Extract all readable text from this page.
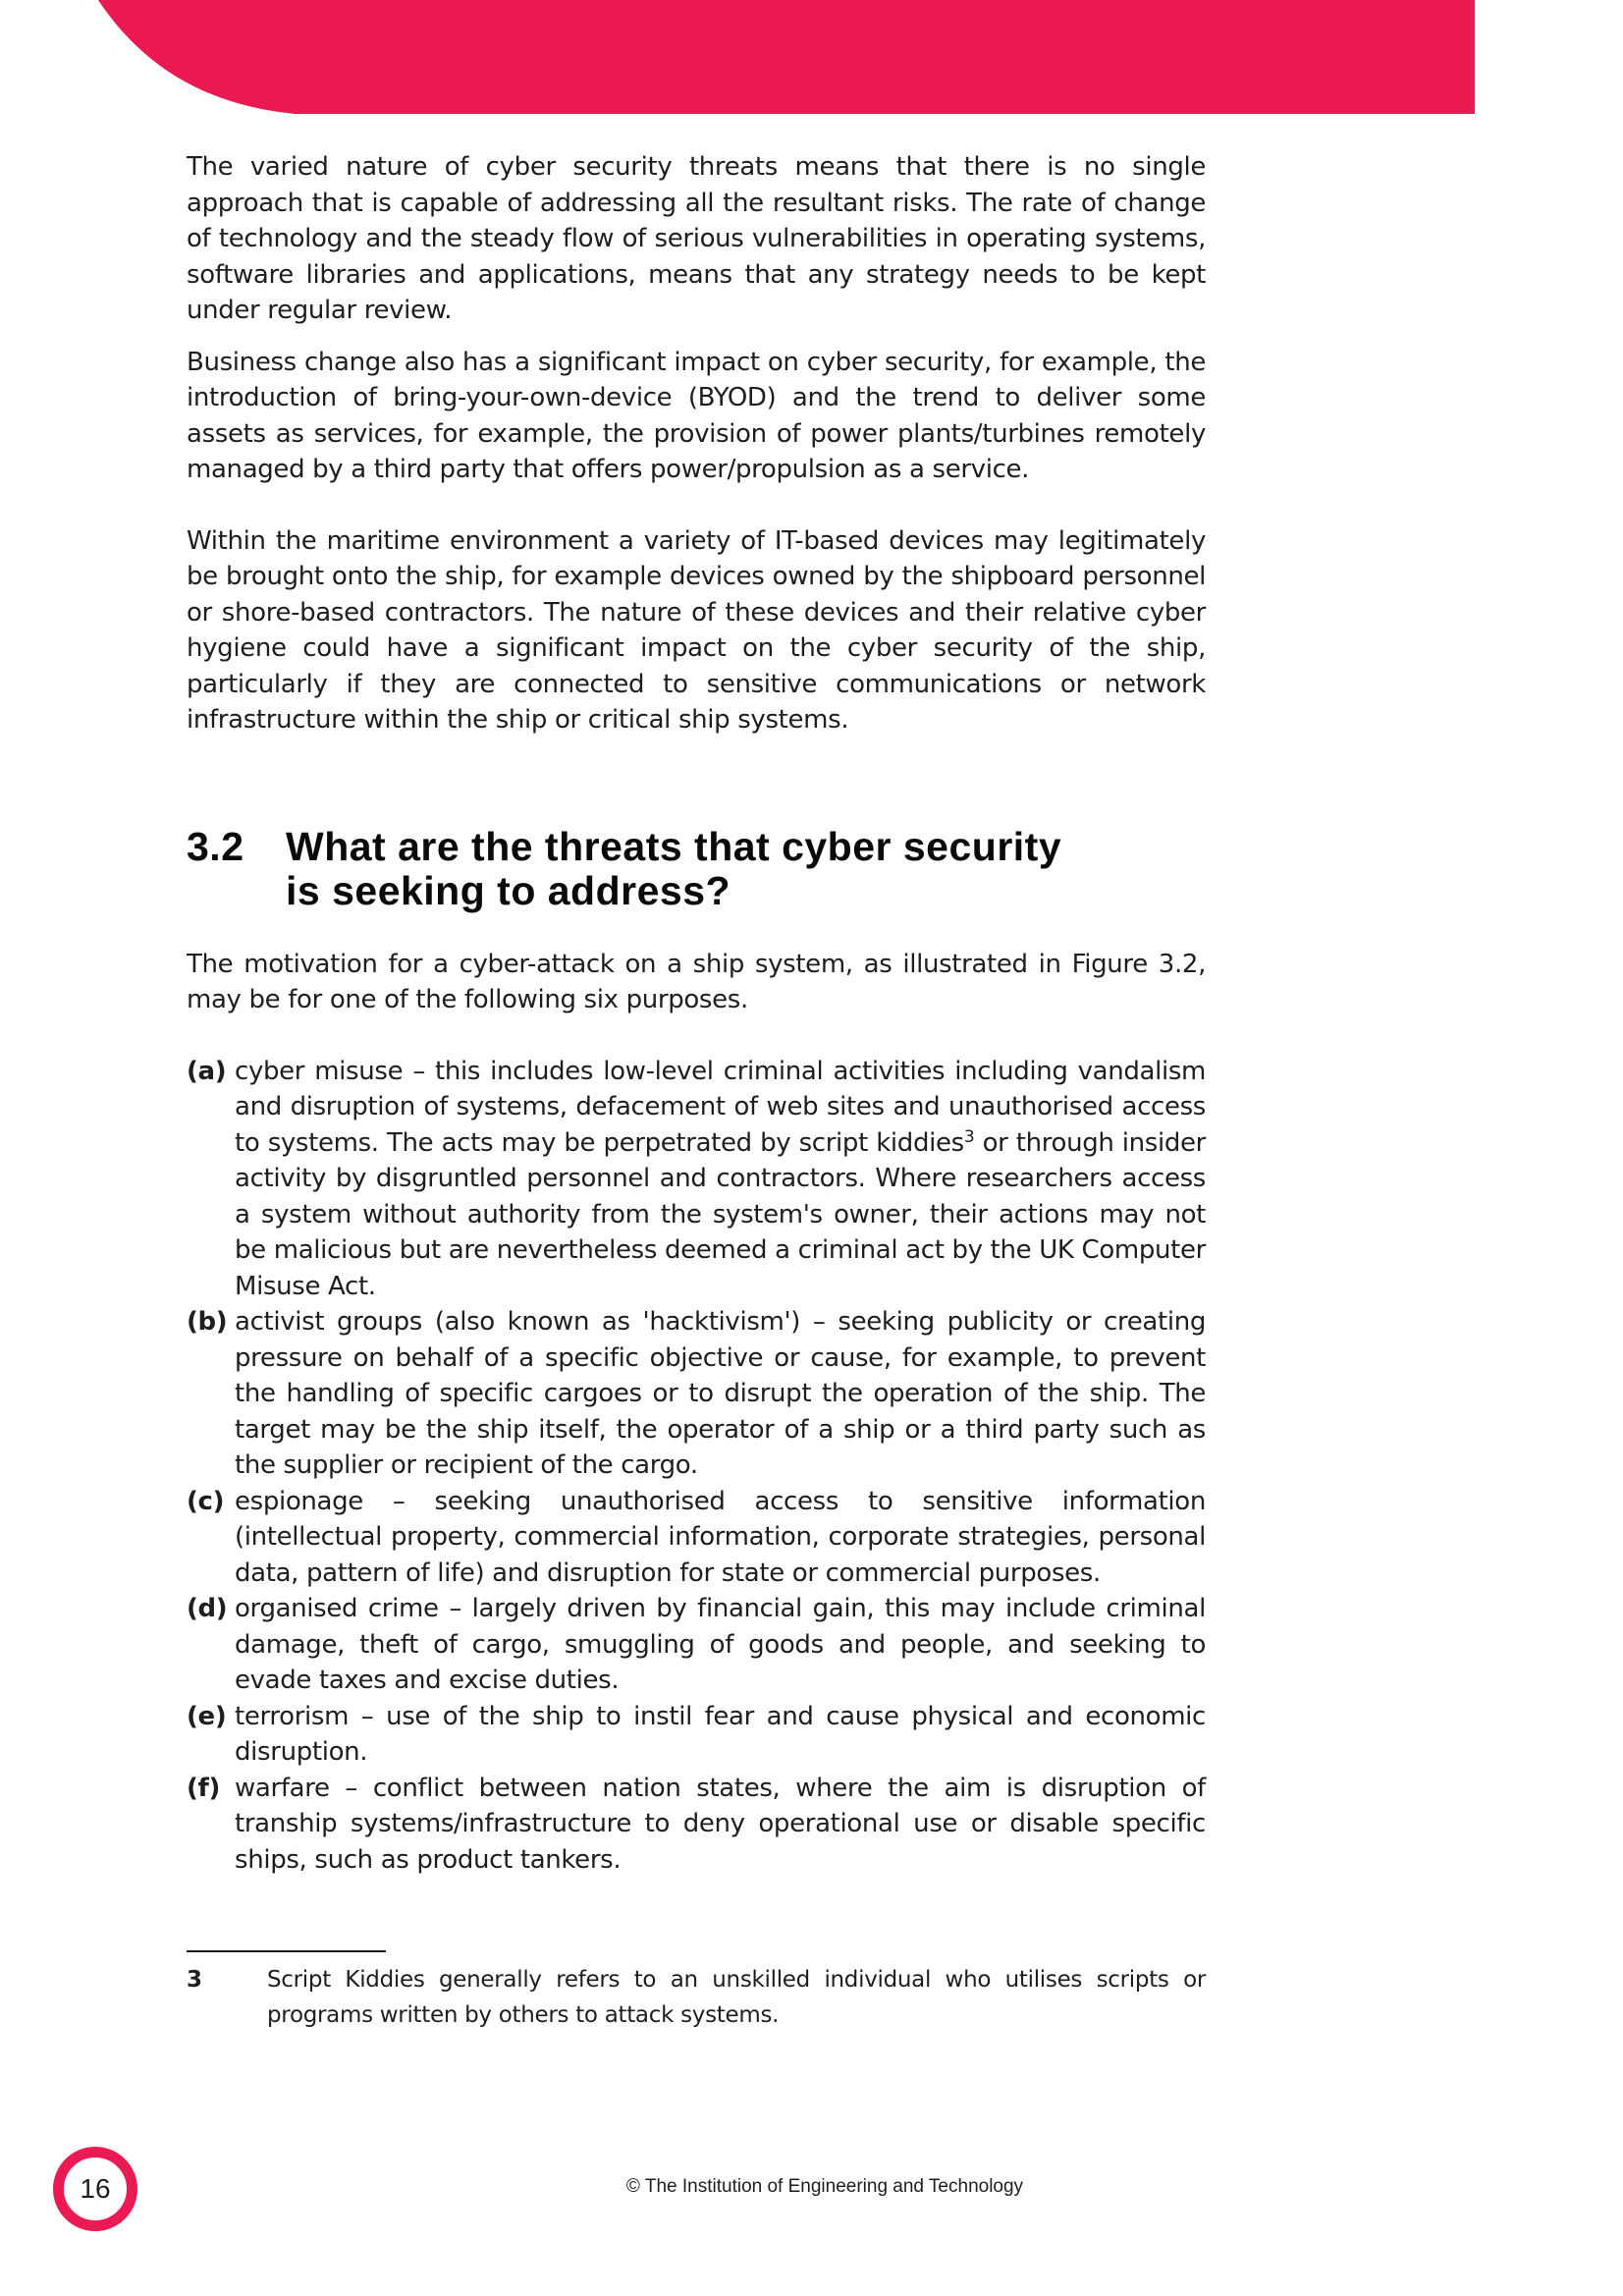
The varied nature of cyber security threats means that there is no single approach that is capable of addressing all the resultant risks. The rate of change of technology and the steady flow of serious vulnerabilities in operating systems, software libraries and applications, means that any strategy needs to be kept under regular review.

Business change also has a significant impact on cyber security, for example, the introduction of bring-your-own-device (BYOD) and the trend to deliver some assets as services, for example, the provision of power plants/turbines remotely managed by a third party that offers power/propulsion as a service.

Within the maritime environment a variety of IT-based devices may legitimately be brought onto the ship, for example devices owned by the shipboard personnel or shore-based contractors. The nature of these devices and their relative cyber hygiene could have a significant impact on the cyber security of the ship, particularly if they are connected to sensitive communications or network infrastructure within the ship or critical ship systems.

3.2 What are the threats that cyber security is seeking to address?

The motivation for a cyber-attack on a ship system, as illustrated in Figure 3.2, may be for one of the following six purposes.

(a) cyber misuse – this includes low-level criminal activities including vandalism and disruption of systems, defacement of web sites and unauthorised access to systems. The acts may be perpetrated by script kiddies$^3$ or through insider activity by disgruntled personnel and contractors. Where researchers access a system without authority from the system's owner, their actions may not be malicious but are nevertheless deemed a criminal act by the UK Computer Misuse Act.
(b) activist groups (also known as 'hacktivism') – seeking publicity or creating pressure on behalf of a specific objective or cause, for example, to prevent the handling of specific cargoes or to disrupt the operation of the ship. The target may be the ship itself, the operator of a ship or a third party such as the supplier or recipient of the cargo.
(c) espionage – seeking unauthorised access to sensitive information (intellectual property, commercial information, corporate strategies, personal data, pattern of life) and disruption for state or commercial purposes.
(d) organised crime – largely driven by financial gain, this may include criminal damage, theft of cargo, smuggling of goods and people, and seeking to evade taxes and excise duties.
(e) terrorism – use of the ship to instil fear and cause physical and economic disruption.
(f) warfare – conflict between nation states, where the aim is disruption of tranship systems/infrastructure to deny operational use or disable specific ships, such as product tankers.
3	Script Kiddies generally refers to an unskilled individual who utilises scripts or programs written by others to attack systems.
16	© The Institution of Engineering and Technology
